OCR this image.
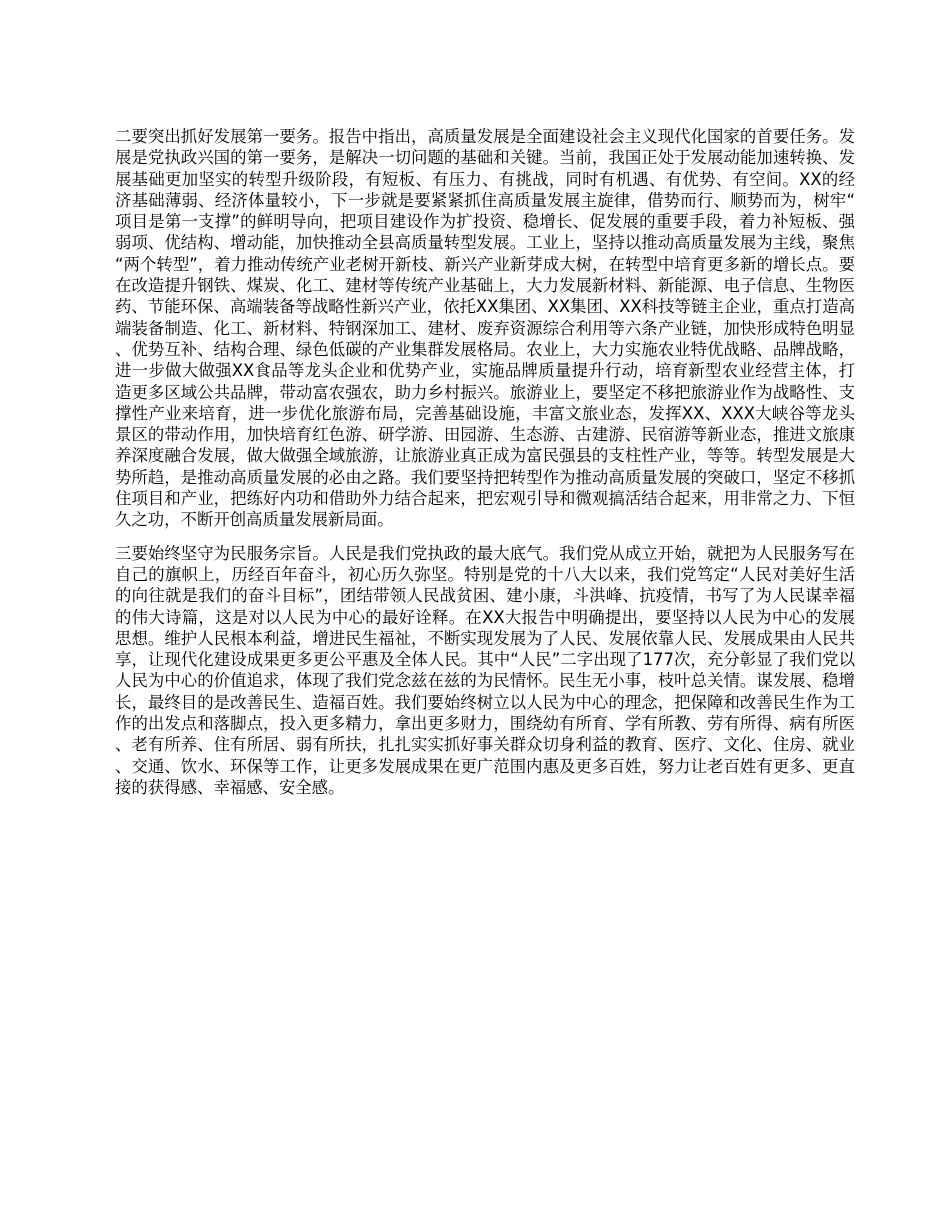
二要突出抓好发展第一要务。报告中指出，高质量发展是全面建设社会主义现代化国家的首要任务。发展是党执政兴国的第一要务，是解决一切问题的基础和关键。当前，我国正处于发展动能加速转换、发展基础更加坚实的转型升级阶段，有短板、有压力、有挑战，同时有机遇、有优势、有空间。XX的经济基础薄弱、经济体量较小，下一步就是要紧紧抓住高质量发展主旋律，借势而行、顺势而为，树牢“项目是第一支撑”的鲜明导向，把项目建设作为扩投资、稳增长、促发展的重要手段，着力补短板、强弱项、优结构、增动能，加快推动全县高质量转型发展。工业上，坚持以推动高质量发展为主线，聚焦“两个转型”，着力推动传统产业老树开新枝、新兴产业新芽成大树，在转型中培育更多新的增长点。要在改造提升钢铁、煤炭、化工、建材等传统产业基础上，大力发展新材料、新能源、电子信息、生物医药、节能环保、高端装备等战略性新兴产业，依托XX集团、XX集团、XX科技等链主企业，重点打造高端装备制造、化工、新材料、特钢深加工、建材、废弃资源综合利用等六条产业链，加快形成特色明显、优势互补、结构合理、绿色低碳的产业集群发展格局。农业上，大力实施农业特优战略、品牌战略，进一步做大做强XX食品等龙头企业和优势产业，实施品牌质量提升行动，培育新型农业经营主体，打造更多区域公共品牌，带动富农强农，助力乡村振兴。旅游业上，要坚定不移把旅游业作为战略性、支撑性产业来培育，进一步优化旅游布局，完善基础设施，丰富文旅业态，发挥XX、XXX大峡谷等龙头景区的带动作用，加快培育红色游、研学游、田园游、生态游、古建游、民宿游等新业态，推进文旅康养深度融合发展，做大做强全域旅游，让旅游业真正成为富民强县的支柱性产业，等等。转型发展是大势所趋，是推动高质量发展的必由之路。我们要坚持把转型作为推动高质量发展的突破口，坚定不移抓住项目和产业，把练好内功和借助外力结合起来，把宏观引导和微观搞活结合起来，用非常之力、下恒久之功，不断开创高质量发展新局面。

三要始终坚守为民服务宗旨。人民是我们党执政的最大底气。我们党从成立开始，就把为人民服务写在自己的旗帜上，历经百年奋斗，初心历久弥坚。特别是党的十八大以来，我们党笃定“人民对美好生活的向往就是我们的奋斗目标”，团结带领人民战贫困、建小康，斗洪峰、抗疫情，书写了为人民谋幸福的伟大诗篇，这是对以人民为中心的最好诠释。在XX大报告中明确提出，要坚持以人民为中心的发展思想。维护人民根本利益，增进民生福祉，不断实现发展为了人民、发展依靠人民、发展成果由人民共享，让现代化建设成果更多更公平惠及全体人民。其中“人民”二字出现了177次，充分彰显了我们党以人民为中心的价值追求，体现了我们党念兹在兹的为民情怀。民生无小事，枝叶总关情。谋发展、稳增长，最终目的是改善民生、造福百姓。我们要始终树立以人民为中心的理念，把保障和改善民生作为工作的出发点和落脚点，投入更多精力，拿出更多财力，围绕幼有所育、学有所教、劳有所得、病有所医、老有所养、住有所居、弱有所扶，扎扎实实抓好事关群众切身利益的教育、医疗、文化、住房、就业、交通、饮水、环保等工作，让更多发展成果在更广范围内惠及更多百姓，努力让老百姓有更多、更直接的获得感、幸福感、安全感。
